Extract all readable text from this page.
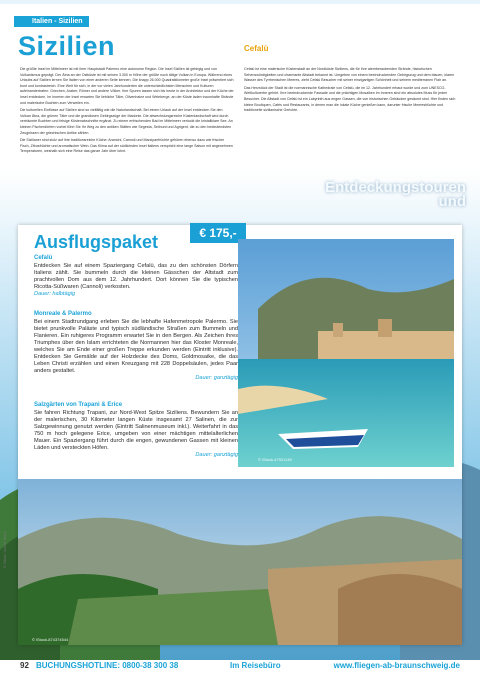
Italien - Sizilien
Sizilien	Cefalù

Die größte Insel im Mittelmeer ist mit ihrer Hauptstadt Palermo eine autonome Region. Die Insel Sizilien ist gebirgig und von Vulkanismus geprägt. Der Ätna an der Ostküste ist mit seinen 3.300 m Höhe der größte noch tätige Vulkan in Europa. Während eines Urlaubs auf Sizilien lernen Sie Italien von einer anderen Seite kennen. Die knapp 26.000 Quadratkilometer große Insel präsentiert sich bunt und kontrastreich. Eine Welt für sich, in der vor vielen Jahrhunderten die unterschiedlichsten Menschen und Kulturen aufeinandertrafen: Griechen, Araber, Römer und andere Völker. Ihre Spuren lassen sich bis heute in der Architektur und der Küche der Insel entdecken. Im Inneren der Insel erwarten Sie liebliche Täler, Olivenhaine und Weinberge, an der Küste laden traumhafte Strände und malerische Buchten zum Verweilen ein.

Die kulturellen Einflüsse auf Sizilien sind so vielfältig wie die Naturlandschaft. Bei einem Urlaub auf der Insel entdecken Sie den Vulkan Ätna, die grünen Täler und die grandiosen Gebirgszüge der Madonie. Die abwechslungsreiche Küstenlandschaft wird durch verträumte Buchten und felsige Küstenabschnitte ergänzt. Zu einem erfrischenden Bad im Mittelmeer verlockt die kristallklare See. An kleinen Fischerdörfern vorbei führt Sie Ihr Weg zu den antiken Stätten wie Segesta, Selinunt und Agrigent, die zu den bedeutendsten Zeugnissen der griechischen Antike zählen.

Die Sizilianer sind stolz auf ihre traditionsreiche Küche: Arancini, Cannoli und Marzipanfrüchte gehören ebenso dazu wie frischer Fisch, Zitrusfrüchte und aromatischer Wein. Das Klima auf der südlichsten Insel Italiens verspricht eine lange Saison mit angenehmen Temperaturen, weshalb sich eine Reise das ganze Jahr über lohnt.

Cefalù ist eine malerische Küstenstadt an der Nordküste Siziliens, die für ihre atemberaubenden Strände, historischen Sehenswürdigkeiten und charmante Altstadt bekannt ist. Umgeben von einem beeindruckenden Gebirgszug und dem blauen, klaren Wasser des Tyrrhenischen Meeres, zieht Cefalù Besucher mit seiner einzigartigen Schönheit und seinem mediterranen Flair an.

Das Herzstück der Stadt ist die normannische Kathedrale von Cefalù, die im 12. Jahrhundert erbaut wurde und zum UNESCO-Weltkulturerbe gehört. Ihre beeindruckende Fassade und die prächtigen Mosaiken im Inneren sind ein absolutes Muss für jeden Besucher. Die Altstadt von Cefalù ist ein Labyrinth aus engen Gassen, die von historischen Gebäuden gesäumt sind. Hier finden sich kleine Boutiquen, Cafés und Restaurants, in denen man die lokale Küche genießen kann, darunter frische Meeresfrüchte und traditionelle sizilianische Gerichte.

Entdeckungstouren
und
Ausflugspaket	€ 175,-
Cefalù
Entdecken Sie auf einem Spaziergang Cefalù, das zu den schönsten Dörfern Italiens zählt. Sie bummeln durch die kleinen Gässchen der Altstadt zum prachtvollen Dom aus dem 12. Jahrhundert. Dort können Sie die typischen Ricotta-Süßwaren (Cannoli) verkosten.
Dauer: halbtägig
Monreale & Palermo
Bei einem Stadtrundgang erleben Sie die lebhafte Hafenmetropole Palermo. Sie bietet prunkvolle Paläste und typisch südländische Straßen zum Bummeln und Flanieren. Ein ruhigeres Programm erwartet Sie in den Bergen. Als Zeichen ihres Triumphes über den Islam errichteten die Normannen hier das Kloster Monreale, welches Sie am Ende einer großen Treppe erkunden werden (Eintritt inklusive). Entdecken Sie Gemälde auf der Holzdecke des Doms, Goldmosaike, die das Leben Christi erzählen und einen Kreuzgang mit 228 Doppelsäulen, jedes Paar anders gestaltet.
Dauer: ganztägig
Salzgärten von Trapani & Erice
Sie fahren Richtung Trapani, zur Nord-West Spitze Siziliens. Bewundern Sie an der malerischen, 30 Kilometer langen Küste insgesamt 27 Salinen, die zur Salzgewinnung genutzt werden (Eintritt Salinenmuseum inkl.). Weiterfahrt in das 750 m hoch gelegene Erice, umgeben von einer mächtigen mittelalterlichen Mauer. Ein Spaziergang führt durch die engen, gewundenen Gassen mit kleinen Läden und versteckten Höfen.
Dauer: ganztägig
© iStock-47021149
© iStock-874374544
© iStock / Adobe Stock
92 BUCHUNGSHOTLINE: 0800-38 300 38	Im Reisebüro	www.fliegen-ab-braunschweig.de
